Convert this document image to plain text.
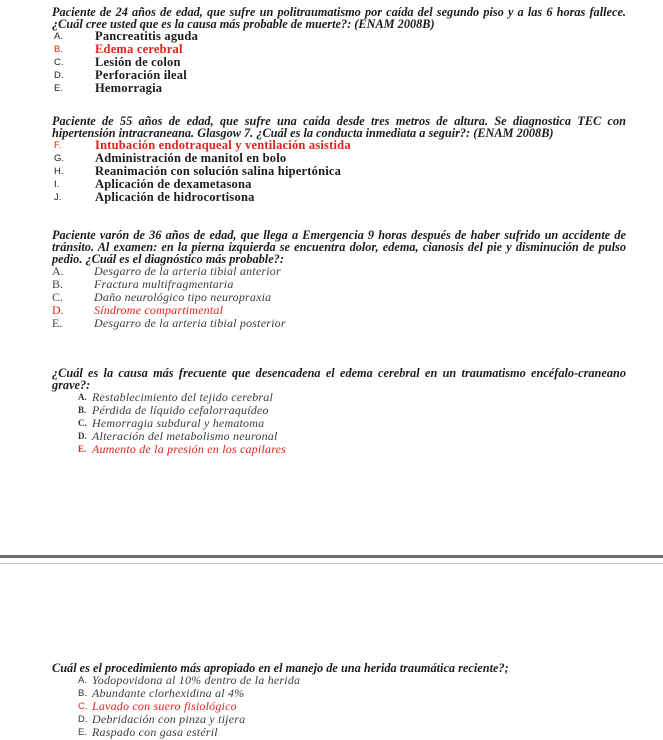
Paciente de 24 años de edad, que sufre un politraumatismo por caída del segundo piso y a las 6 horas fallece. ¿Cuál cree usted que es la causa más probable de muerte?: (ENAM 2008B)

A.	Pancreatitis aguda
B.	Edema cerebral
C.	Lesión de colon
D.	Perforación ileal
E.	Hemorragia

Paciente de 55 años de edad, que sufre una caída desde tres metros de altura. Se diagnostica TEC con hipertensión intracraneana. Glasgow 7. ¿Cuál es la conducta inmediata a seguir?: (ENAM 2008B)

F.	Intubación endotraqueal y ventilación asistida
G. Administración de manitol en bolo
H.	Reanimación con solución salina hipertónica
I.	Aplicación de dexametasona
J.	Aplicación de hidrocortisona

Paciente varón de 36 años de edad, que llega a Emergencia 9 horas después de haber sufrido un accidente de tránsito. Al examen: en la pierna izquierda se encuentra dolor, edema, cianosis del pie y disminución de pulso pedio. ¿Cuál es el diagnóstico más probable?:

A.	Desgarro de la arteria tibial anterior
B.	Fractura multifragmentaria
C.	Daño neurológico tipo neuropraxia
D.	Síndrome compartimental
E.	Desgarro de la arteria tibial posterior

¿Cuál es la causa más frecuente que desencadena el edema cerebral en un traumatismo encéfalo-craneano grave?:

A. Restablecimiento del tejido cerebral
B. Pérdida de líquido cefalorraquídeo
C. Hemorragia subdural y hematoma
D. Alteración del metabolismo neuronal
E. Aumento de la presión en los capilares

Cuál es el procedimiento más apropiado en el manejo de una herida traumática reciente?;

A. Yodopovidona al 10% dentro de la herida
B. Abundante clorhexidina al 4%
C. Lavado con suero fisiológico
D. Debridación con pinza y tijera
E. Raspado con gasa estéril
